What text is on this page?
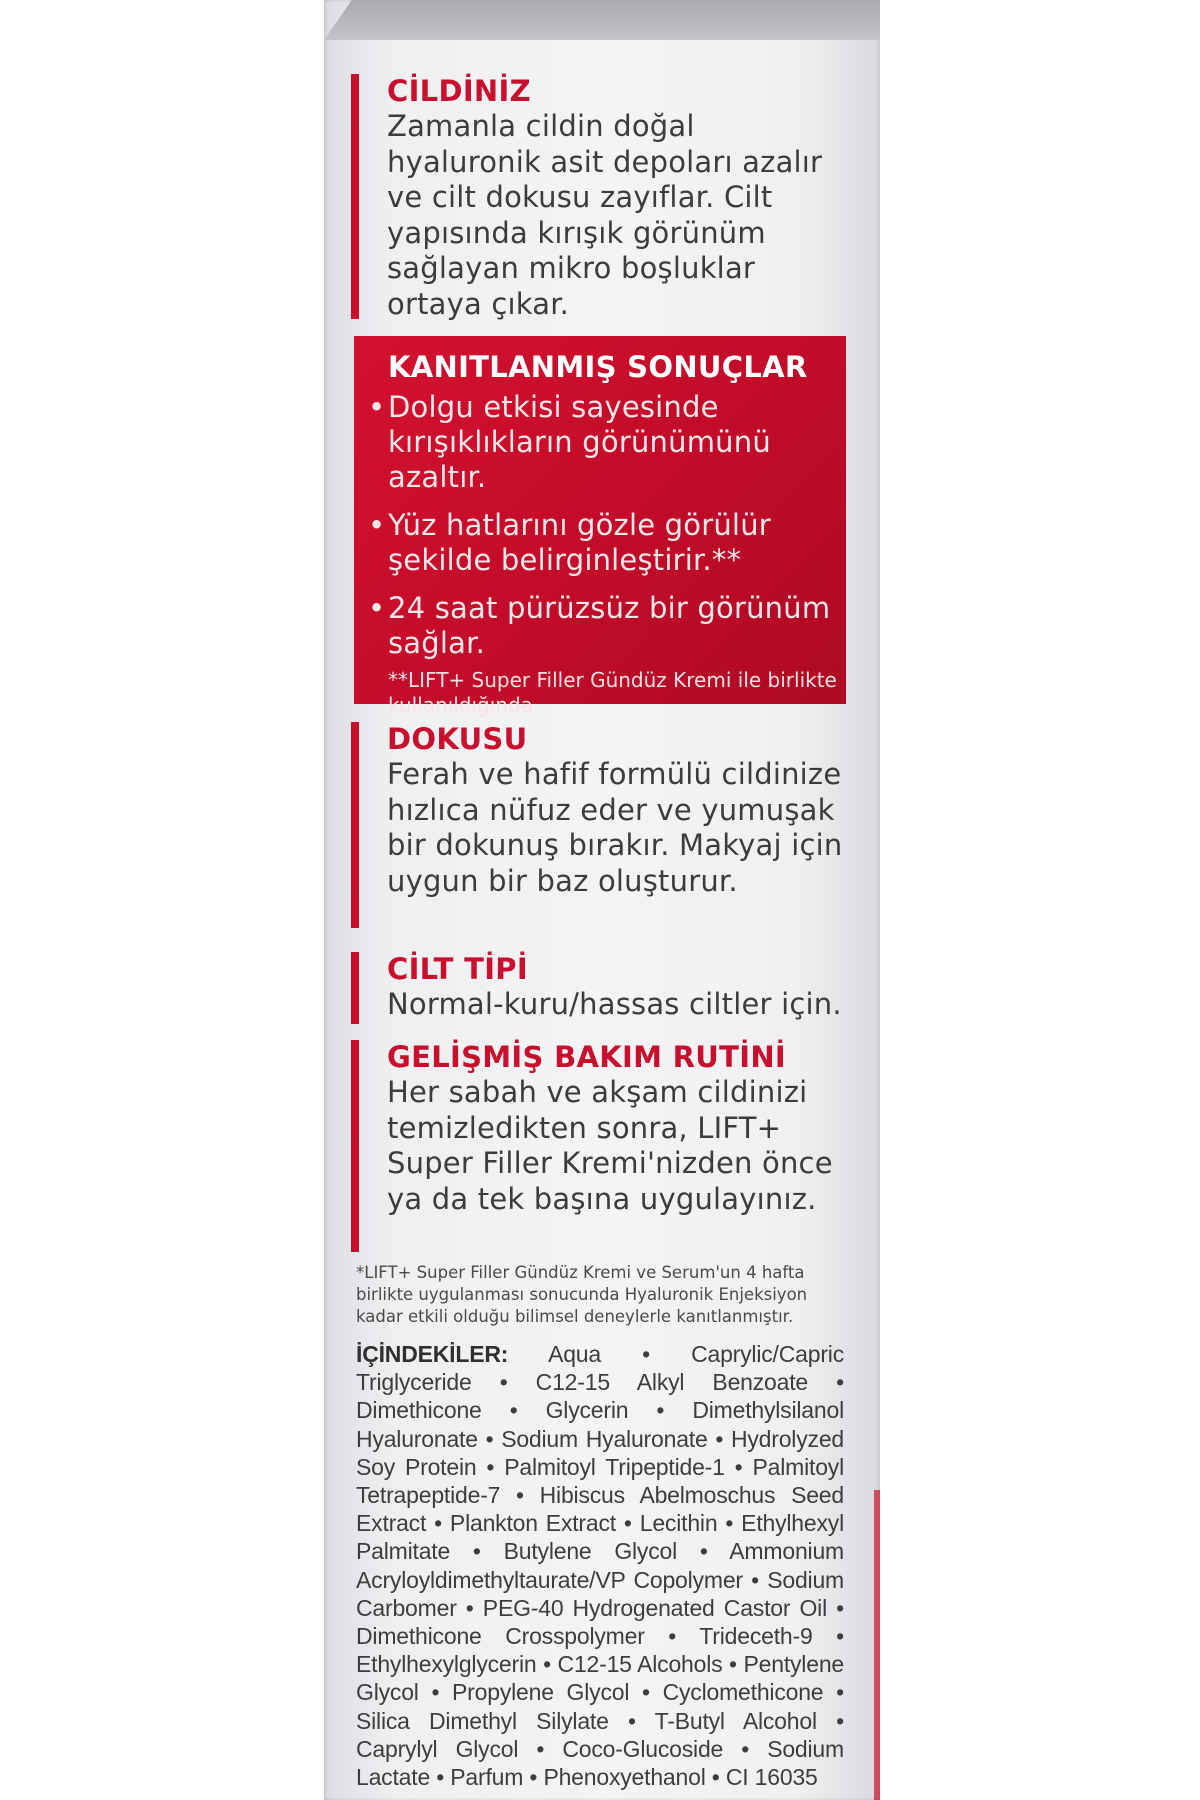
CİLDİNİZ
Zamanla cildin doğal hyaluronik asit depoları azalır ve cilt dokusu zayıflar. Cilt yapısında kırışık görünüm sağlayan mikro boşluklar ortaya çıkar.
KANITLANMIŞ SONUÇLAR
• Dolgu etkisi sayesinde kırışıklıkların görünümünü azaltır.
• Yüz hatlarını gözle görülür şekilde belirginleştirir.**
• 24 saat pürüzsüz bir görünüm sağlar.
**LIFT+ Super Filler Gündüz Kremi ile birlikte kullanıldığında
DOKUSU
Ferah ve hafif formülü cildinize hızlıca nüfuz eder ve yumuşak bir dokunuş bırakır. Makyaj için uygun bir baz oluşturur.
CİLT TİPİ
Normal-kuru/hassas ciltler için.
GELİŞMİŞ BAKIM RUTİNİ
Her sabah ve akşam cildinizi temizledikten sonra, LIFT+ Super Filler Kremi'nizden önce ya da tek başına uygulayınız.
*LIFT+ Super Filler Gündüz Kremi ve Serum'un 4 hafta birlikte uygulanması sonucunda Hyaluronik Enjeksiyon kadar etkili olduğu bilimsel deneylerle kanıtlanmıştır.
İÇİNDEKİLER: Aqua • Caprylic/Capric Triglyceride • C12-15 Alkyl Benzoate • Dimethicone • Glycerin • Dimethylsilanol Hyaluronate • Sodium Hyaluronate • Hydrolyzed Soy Protein • Palmitoyl Tripeptide-1 • Palmitoyl Tetrapeptide-7 • Hibiscus Abelmoschus Seed Extract • Plankton Extract • Lecithin • Ethylhexyl Palmitate • Butylene Glycol • Ammonium Acryloyldimethyltaurate/VP Copolymer • Sodium Carbomer • PEG-40 Hydrogenated Castor Oil • Dimethicone Crosspolymer • Trideceth-9 • Ethylhexylglycerin • C12-15 Alcohols • Pentylene Glycol • Propylene Glycol • Cyclomethicone • Silica Dimethyl Silylate • T-Butyl Alcohol • Caprylyl Glycol • Coco-Glucoside • Sodium Lactate • Parfum • Phenoxyethanol • CI 16035
